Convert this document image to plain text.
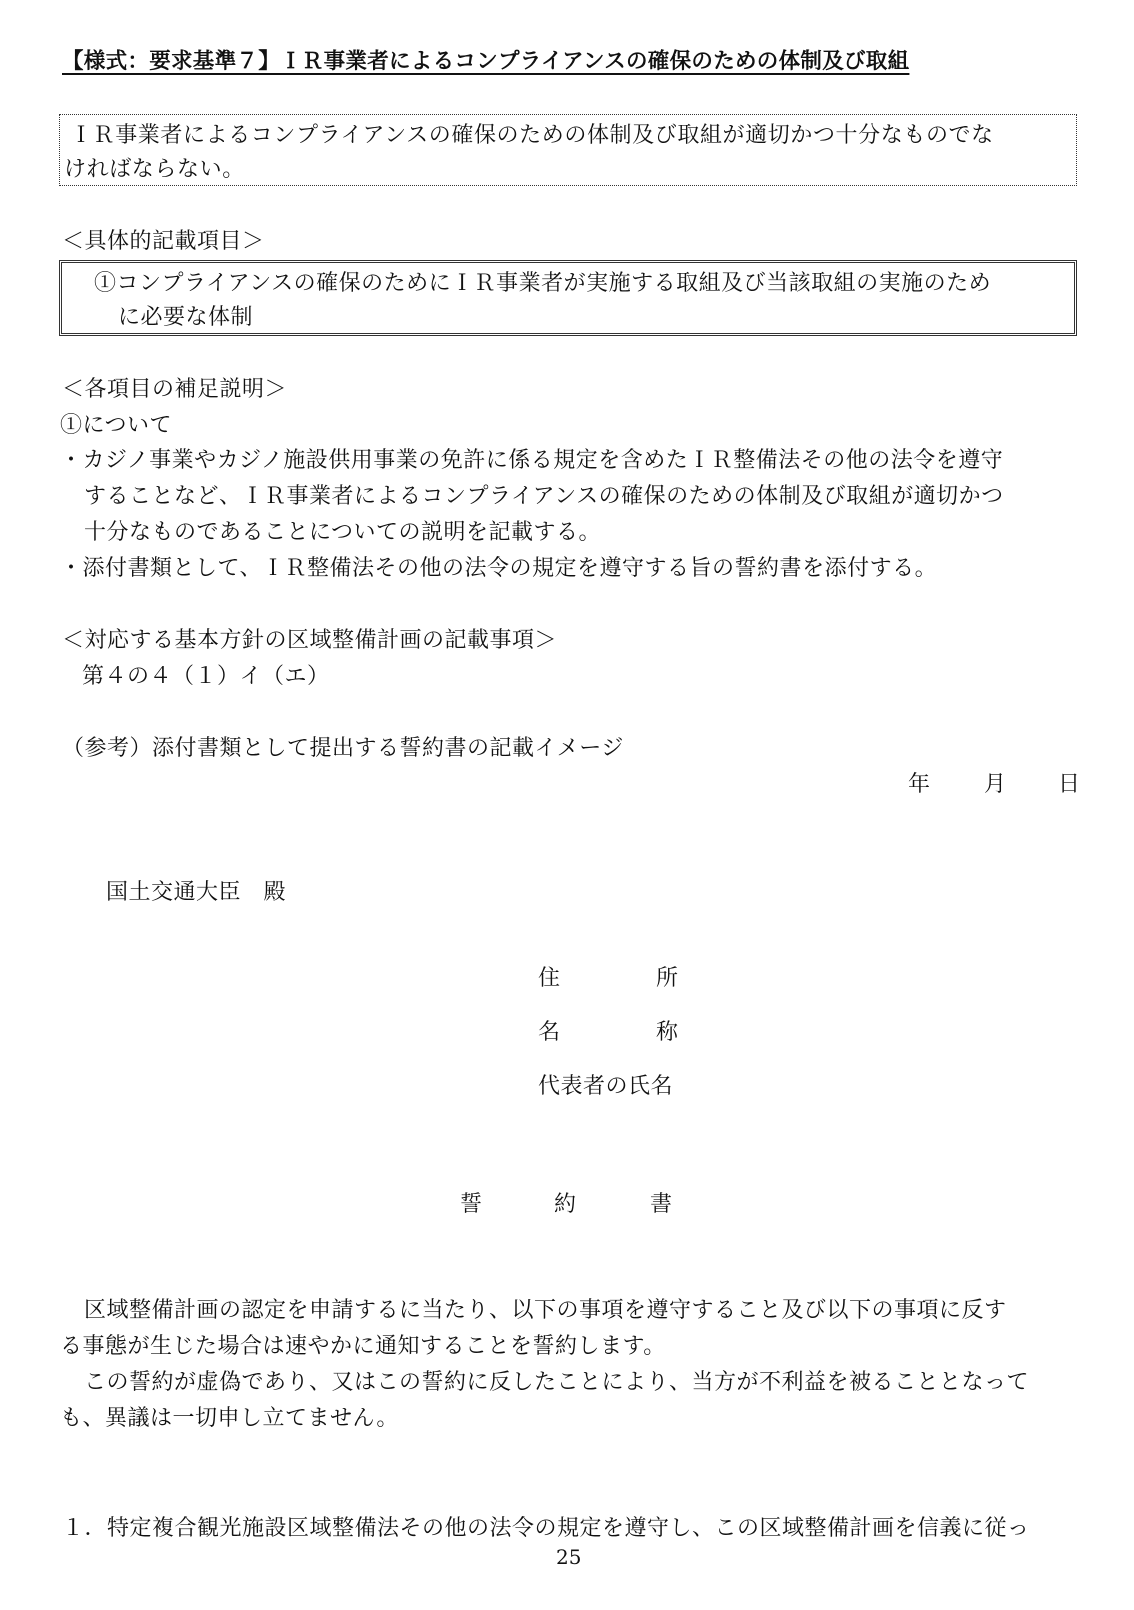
【様式：要求基準７】ＩＲ事業者によるコンプライアンスの確保のための体制及び取組
ＩＲ事業者によるコンプライアンスの確保のための体制及び取組が適切かつ十分なものでな
ければならない。
＜具体的記載項目＞
①コンプライアンスの確保のためにＩＲ事業者が実施する取組及び当該取組の実施のため
に必要な体制
＜各項目の補足説明＞
①について
・カジノ事業やカジノ施設供用事業の免許に係る規定を含めたＩＲ整備法その他の法令を遵守
することなど、ＩＲ事業者によるコンプライアンスの確保のための体制及び取組が適切かつ
十分なものであることについての説明を記載する。
・添付書類として、ＩＲ整備法その他の法令の規定を遵守する旨の誓約書を添付する。
＜対応する基本方針の区域整備計画の記載事項＞
第４の４（１）イ（エ）
（参考）添付書類として提出する誓約書の記載イメージ
年 月 日
国土交通大臣　殿
住	所
名	称
代表者の氏名
誓	約	書
区域整備計画の認定を申請するに当たり、以下の事項を遵守すること及び以下の事項に反す
る事態が生じた場合は速やかに通知することを誓約します。
この誓約が虚偽であり、又はこの誓約に反したことにより、当方が不利益を被ることとなって
も、異議は一切申し立てません。
１．特定複合観光施設区域整備法その他の法令の規定を遵守し、この区域整備計画を信義に従っ
25
